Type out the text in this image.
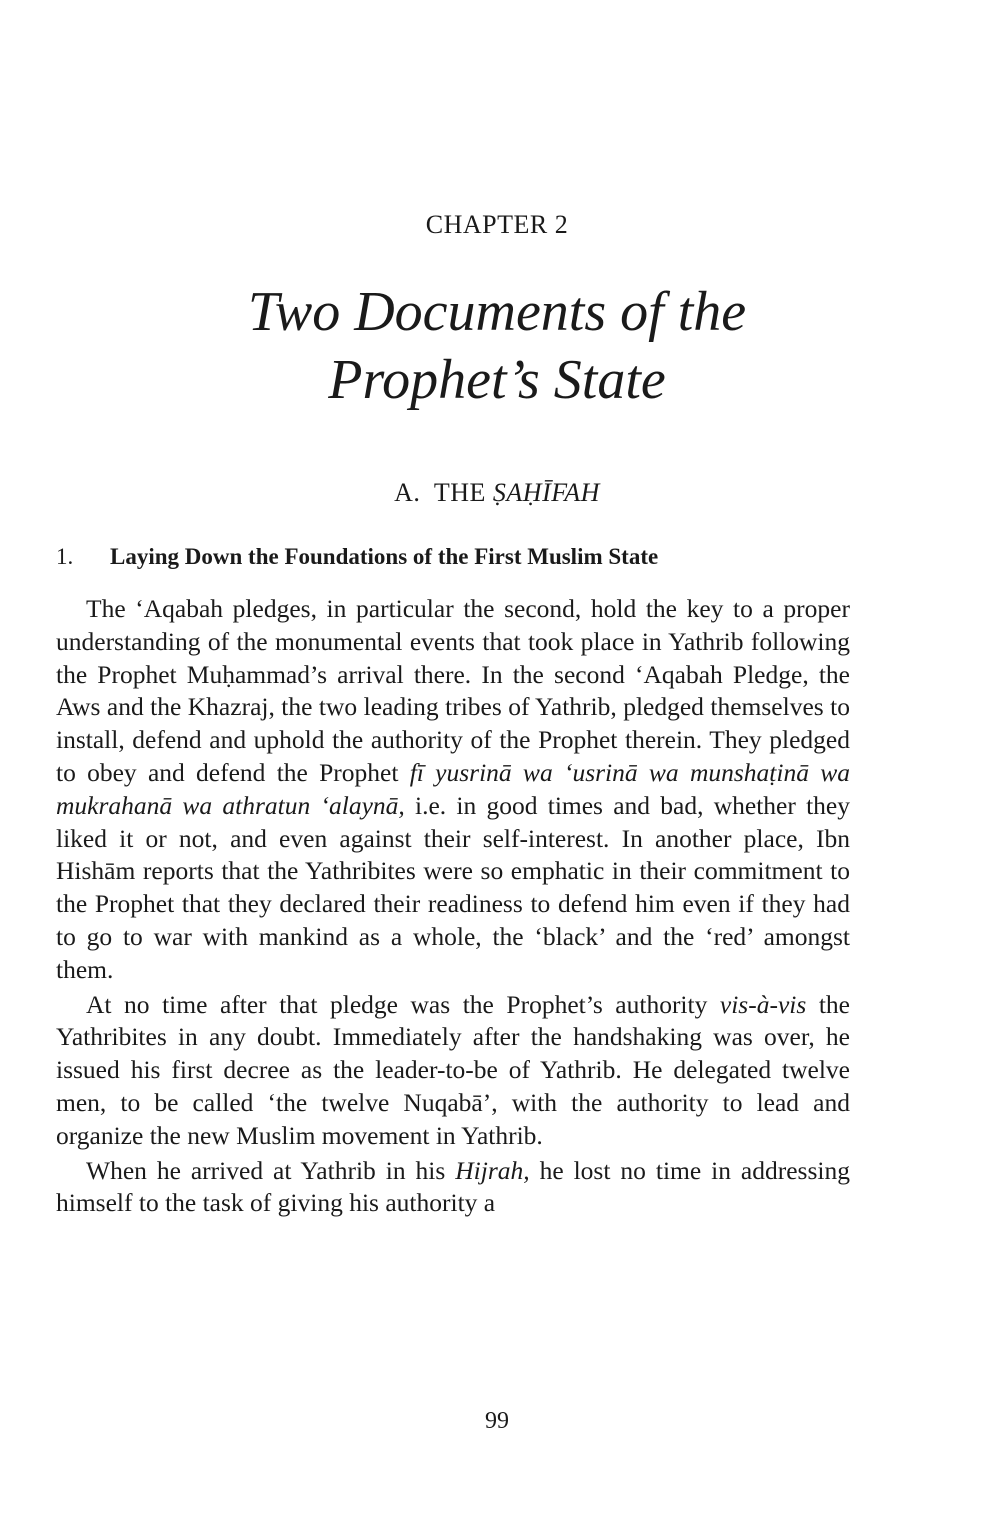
CHAPTER 2
Two Documents of the
Prophet’s State
A. THE ṢAḤĪFAH
1. Laying Down the Foundations of the First Muslim State

The ‘Aqabah pledges, in particular the second, hold the key to a proper understanding of the monumental events that took place in Yathrib following the Prophet Muḥammad’s arrival there. In the second ‘Aqabah Pledge, the Aws and the Khazraj, the two leading tribes of Yathrib, pledged themselves to install, defend and uphold the authority of the Prophet therein. They pledged to obey and defend the Prophet fī yusrinā wa ‘usrinā wa munshaṭinā wa mukrahanā wa athratun ‘alaynā, i.e. in good times and bad, whether they liked it or not, and even against their self-interest. In another place, Ibn Hishām reports that the Yathribites were so emphatic in their commitment to the Prophet that they declared their readiness to defend him even if they had to go to war with mankind as a whole, the ‘black’ and the ‘red’ amongst them.

At no time after that pledge was the Prophet’s authority vis-à-vis the Yathribites in any doubt. Immediately after the handshaking was over, he issued his first decree as the leader-to-be of Yathrib. He delegated twelve men, to be called ‘the twelve Nuqabā’, with the authority to lead and organize the new Muslim movement in Yathrib.

When he arrived at Yathrib in his Hijrah, he lost no time in addressing himself to the task of giving his authority a

99
